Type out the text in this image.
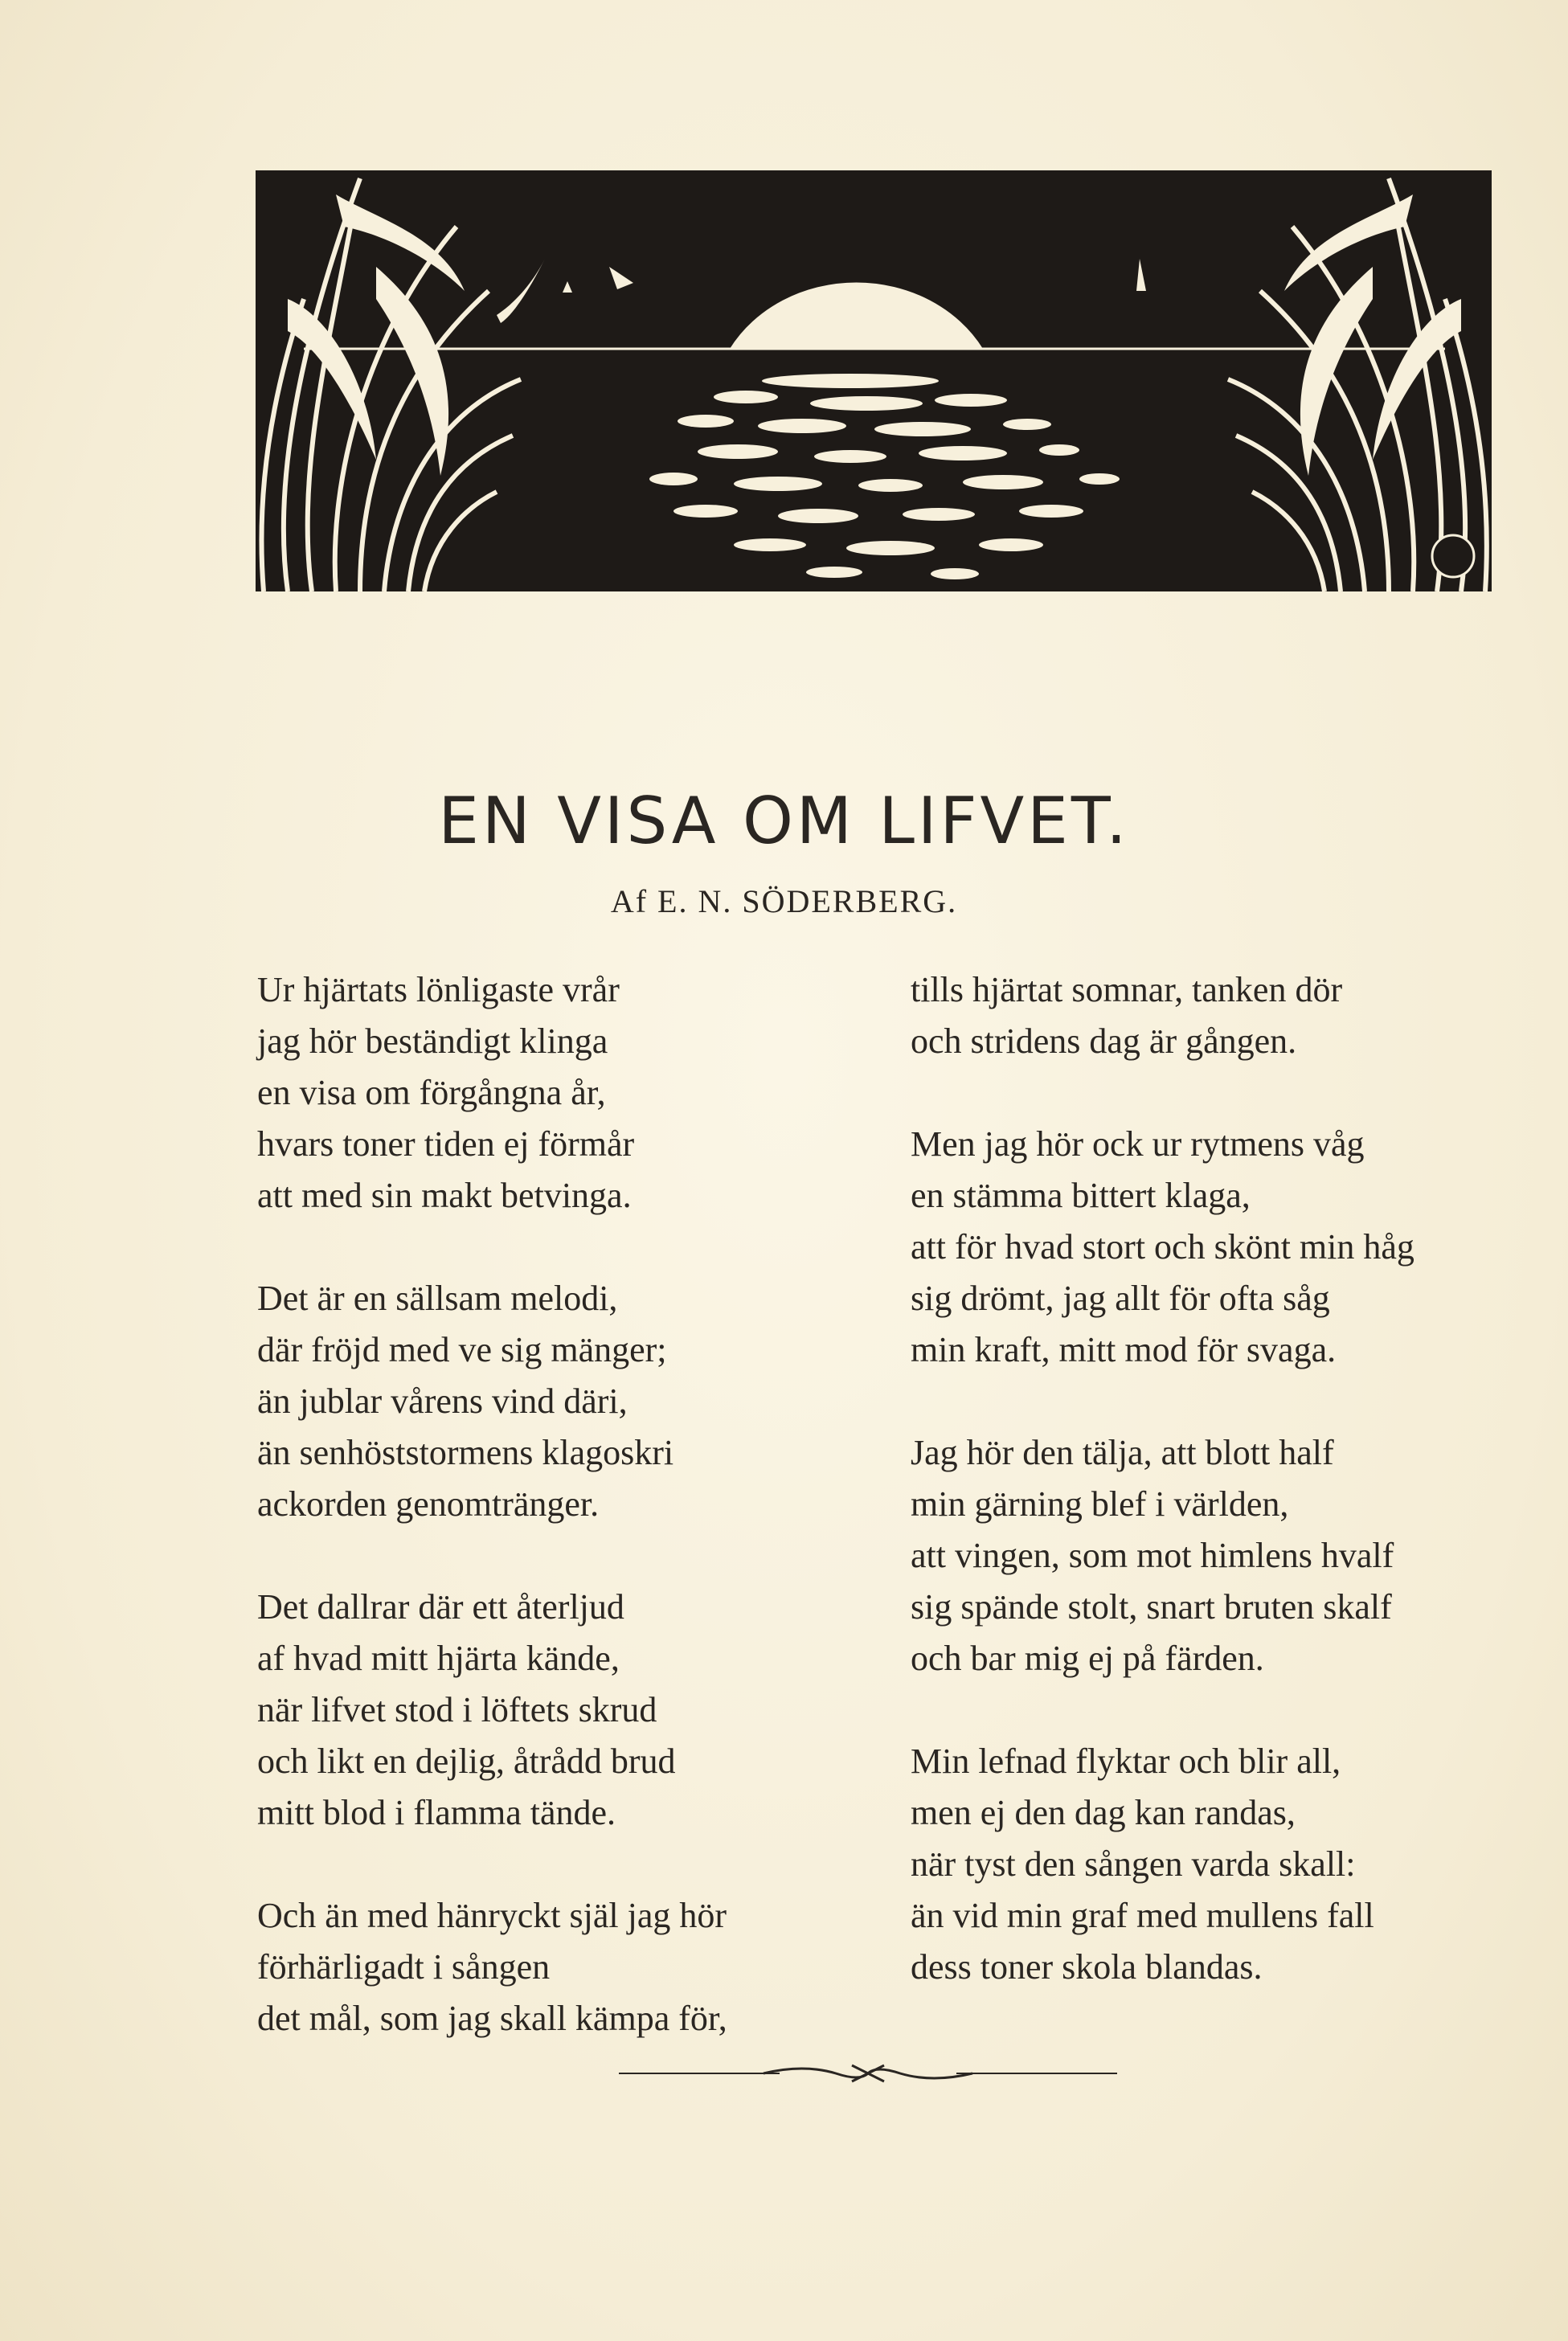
EN VISA OM LIFVET.
Af E. N. SÖDERBERG.
Ur hjärtats lönligaste vrår
jag hör beständigt klinga
en visa om förgångna år,
hvars toner tiden ej förmår
att med sin makt betvinga.
Det är en sällsam melodi,
där fröjd med ve sig mänger;
än jublar vårens vind däri,
än senhöststormens klagoskri
ackorden genomtränger.
Det dallrar där ett återljud
af hvad mitt hjärta kände,
när lifvet stod i löftets skrud
och likt en dejlig, åtrådd brud
mitt blod i flamma tände.
Och än med hänryckt själ jag hör
förhärligadt i sången
det mål, som jag skall kämpa för,
tills hjärtat somnar, tanken dör
och stridens dag är gången.
Men jag hör ock ur rytmens våg
en stämma bittert klaga,
att för hvad stort och skönt min håg
sig drömt, jag allt för ofta såg
min kraft, mitt mod för svaga.
Jag hör den tälja, att blott half
min gärning blef i världen,
att vingen, som mot himlens hvalf
sig spände stolt, snart bruten skalf
och bar mig ej på färden.
Min lefnad flyktar och blir all,
men ej den dag kan randas,
när tyst den sången varda skall:
än vid min graf med mullens fall
dess toner skola blandas.
